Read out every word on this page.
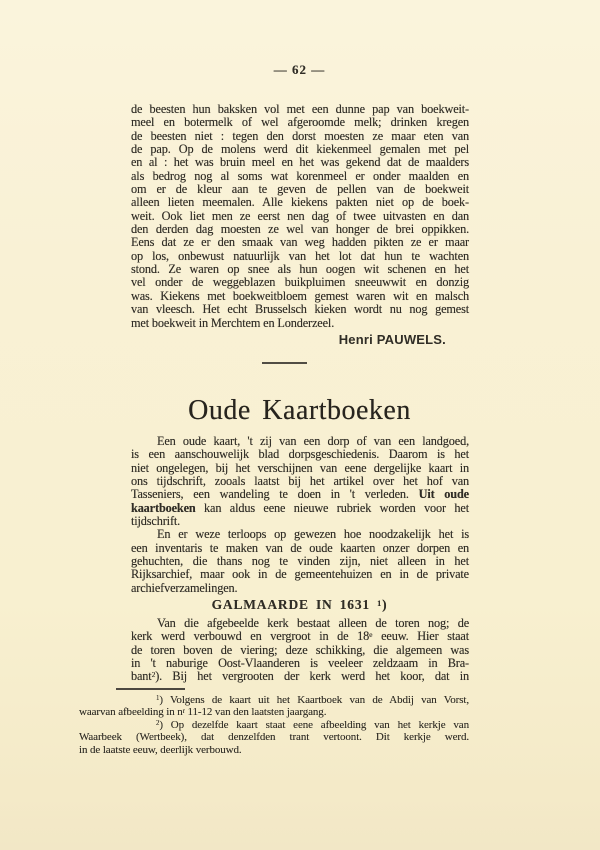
— 62 —
de beesten hun baksken vol met een dunne pap van boekweit-
meel en botermelk of wel afgeroomde melk; drinken kregen
de beesten niet : tegen den dorst moesten ze maar eten van
de pap. Op de molens werd dit kiekenmeel gemalen met pel
en al : het was bruin meel en het was gekend dat de maalders
als bedrog nog al soms wat korenmeel er onder maalden en
om er de kleur aan te geven de pellen van de boekweit
alleen lieten meemalen. Alle kiekens pakten niet op de boek-
weit. Ook liet men ze eerst nen dag of twee uitvasten en dan
den derden dag moesten ze wel van honger de brei oppikken.
Eens dat ze er den smaak van weg hadden pikten ze er maar
op los, onbewust natuurlijk van het lot dat hun te wachten
stond. Ze waren op snee als hun oogen wit schenen en het
vel onder de weggeblazen buikpluimen sneeuwwit en donzig
was. Kiekens met boekweitbloem gemest waren wit en malsch
van vleesch. Het echt Brusselsch kieken wordt nu nog gemest
met boekweit in Merchtem en Londerzeel.
Henri PAUWELS.
Oude Kaartboeken
Een oude kaart, 't zij van een dorp of van een landgoed,
is een aanschouwelijk blad dorpsgeschiedenis. Daarom is het
niet ongelegen, bij het verschijnen van eene dergelijke kaart in
ons tijdschrift, zooals laatst bij het artikel over het hof van
Tasseniers, een wandeling te doen in 't verleden. Uit oude
kaartboeken kan aldus eene nieuwe rubriek worden voor het
tijdschrift.
En er weze terloops op gewezen hoe noodzakelijk het is
een inventaris te maken van de oude kaarten onzer dorpen en
gehuchten, die thans nog te vinden zijn, niet alleen in het
Rijksarchief, maar ook in de gemeentehuizen en in de private
archiefverzamelingen.
GALMAARDE IN 1631 $^1$)
Van die afgebeelde kerk bestaat alleen de toren nog; de
kerk werd verbouwd en vergroot in de 18e eeuw. Hier staat
de toren boven de viering; deze schikking, die algemeen was
in 't naburige Oost-Vlaanderen is veeleer zeldzaam in Bra-
bant$^2$). Bij het vergrooten der kerk werd het koor, dat in
$^1$) Volgens de kaart uit het Kaartboek van de Abdij van Vorst,
waarvan afbeelding in $n^r$ 11-12 van den laatsten jaargang.
$^2$) Op dezelfde kaart staat eene afbeelding van het kerkje van
Waarbeek (Wertbeek), dat denzelfden trant vertoont. Dit kerkje werd.
in de laatste eeuw, deerlijk verbouwd.
